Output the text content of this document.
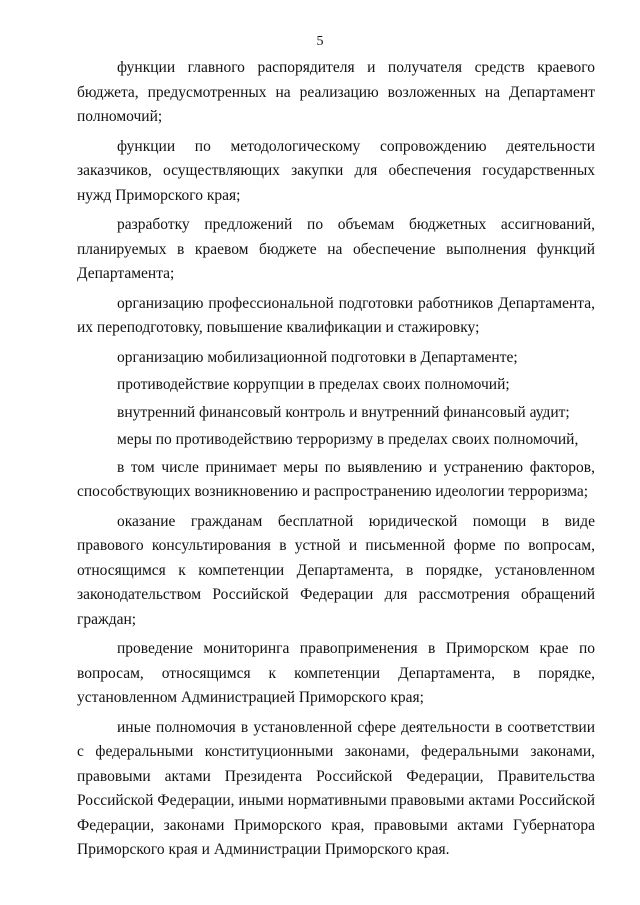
5

функции главного распорядителя и получателя средств краевого бюджета, предусмотренных на реализацию возложенных на Департамент полномочий;

функции по методологическому сопровождению деятельности заказчиков, осуществляющих закупки для обеспечения государственных нужд Приморского края;

разработку предложений по объемам бюджетных ассигнований, планируемых в краевом бюджете на обеспечение выполнения функций Департамента;

организацию профессиональной подготовки работников Департамента, их переподготовку, повышение квалификации и стажировку;

организацию мобилизационной подготовки в Департаменте;

противодействие коррупции в пределах своих полномочий;

внутренний финансовый контроль и внутренний финансовый аудит;

меры по противодействию терроризму в пределах своих полномочий,

в том числе принимает меры по выявлению и устранению факторов, способствующих возникновению и распространению идеологии терроризма;

оказание гражданам бесплатной юридической помощи в виде правового консультирования в устной и письменной форме по вопросам, относящимся к компетенции Департамента, в порядке, установленном законодательством Российской Федерации для рассмотрения обращений граждан;

проведение мониторинга правоприменения в Приморском крае по вопросам, относящимся к компетенции Департамента, в порядке, установленном Администрацией Приморского края;

иные полномочия в установленной сфере деятельности в соответствии с федеральными конституционными законами, федеральными законами, правовыми актами Президента Российской Федерации, Правительства Российской Федерации, иными нормативными правовыми актами Российской Федерации, законами Приморского края, правовыми актами Губернатора Приморского края и Администрации Приморского края.
